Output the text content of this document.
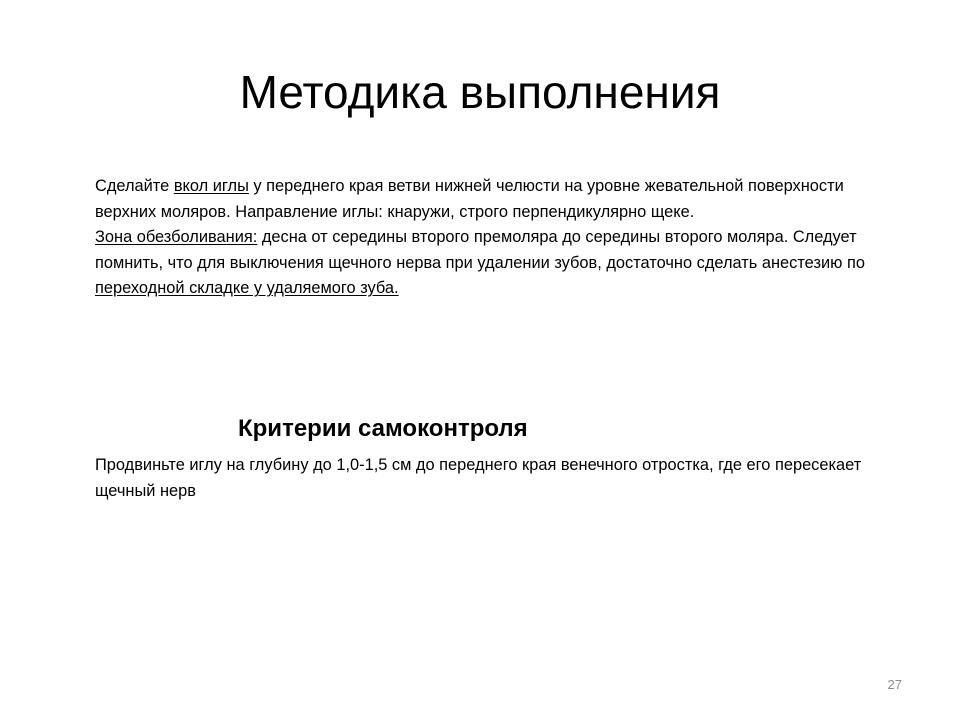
Методика выполнения

Сделайте вкол иглы у переднего края ветви нижней челюсти на уровне жевательной поверхности верхних моляров. Направление иглы: кнаружи, строго перпендикулярно щеке.

Зона обезболивания: десна от середины второго премоляра до середины второго моляра. Следует помнить, что для выключения щечного нерва при удалении зубов, достаточно сделать анестезию по переходной складке у удаляемого зуба.

Критерии самоконтроля
Продвиньте иглу на глубину до 1,0-1,5 см до переднего края венечного отростка, где его пересекает щечный нерв
27
